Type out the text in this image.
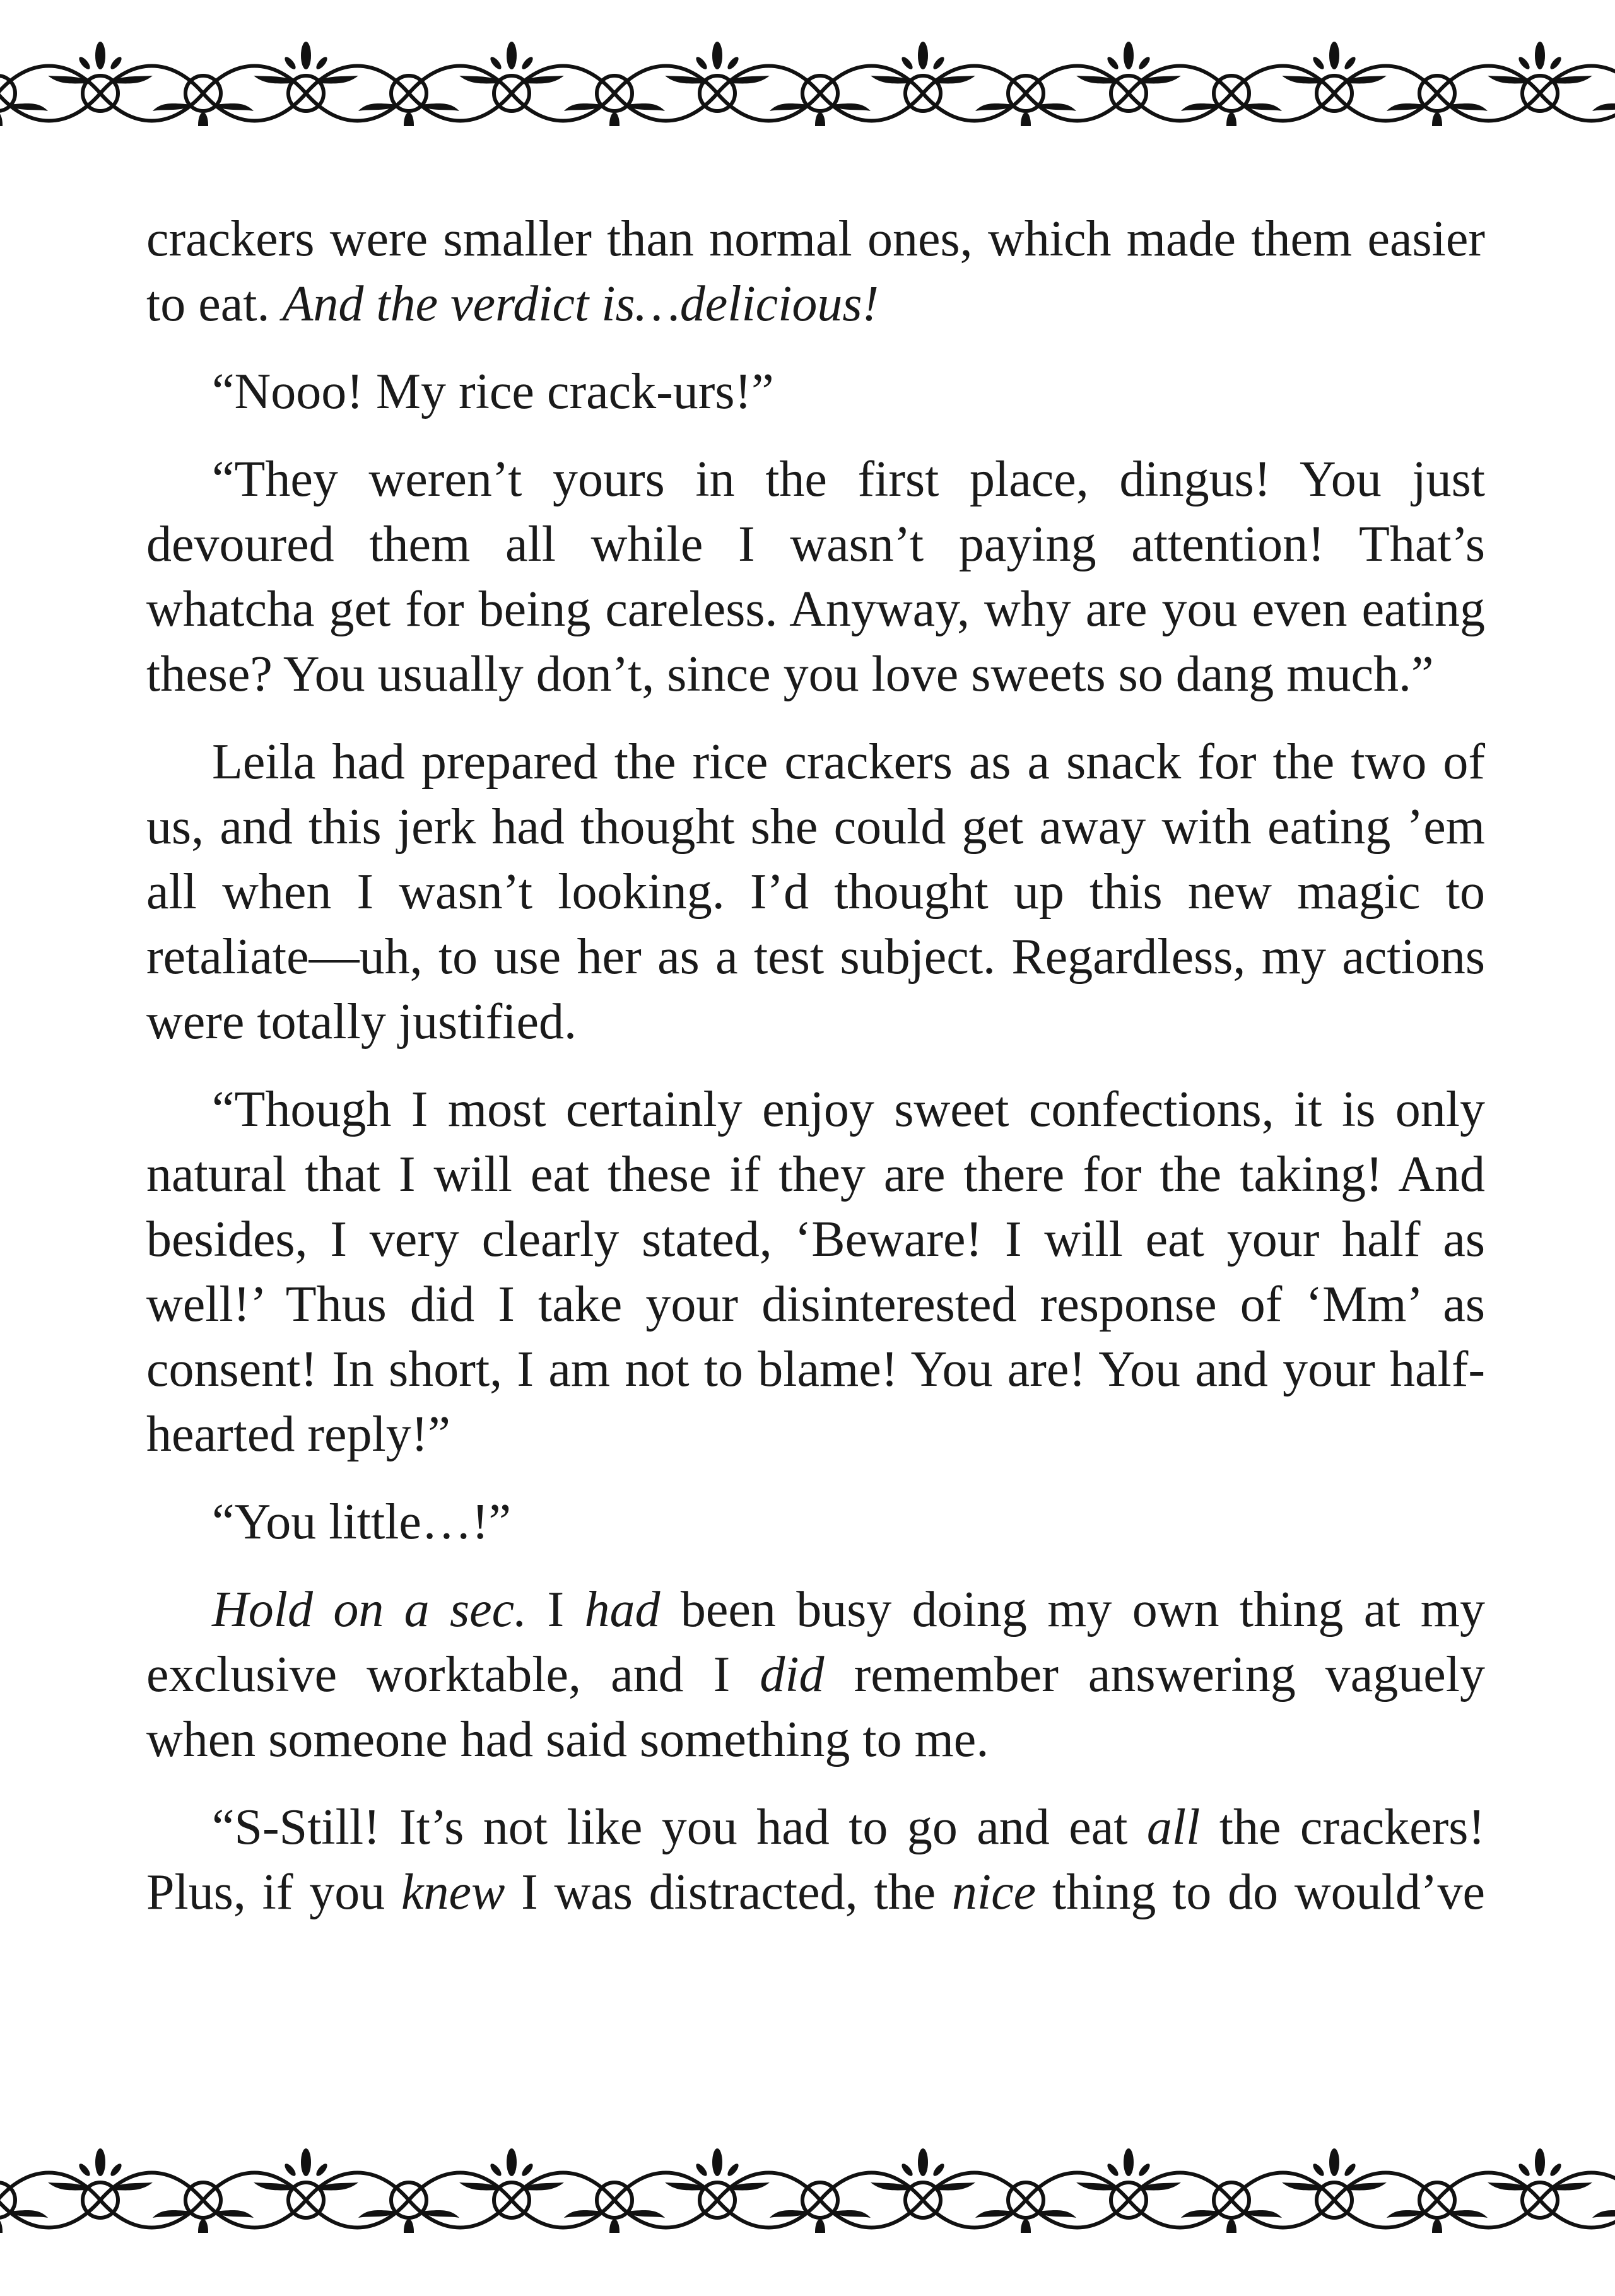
crackers were smaller than normal ones, which made them easier to eat. And the verdict is…delicious!

“Nooo! My rice crack-urs!”

“They weren’t yours in the first place, dingus! You just devoured them all while I wasn’t paying attention! That’s whatcha get for being careless. Anyway, why are you even eating these? You usually don’t, since you love sweets so dang much.”

Leila had prepared the rice crackers as a snack for the two of us, and this jerk had thought she could get away with eating ’em all when I wasn’t looking. I’d thought up this new magic to retaliate—uh, to use her as a test subject. Regardless, my actions were totally justified.

“Though I most certainly enjoy sweet confections, it is only natural that I will eat these if they are there for the taking! And besides, I very clearly stated, ‘Beware! I will eat your half as well!’ Thus did I take your disinterested response of ‘Mm’ as consent! In short, I am not to blame! You are! You and your half-hearted reply!”

“You little…!”

Hold on a sec. I had been busy doing my own thing at my exclusive worktable, and I did remember answering vaguely when someone had said something to me.

“S-Still! It’s not like you had to go and eat all the crackers! Plus, if you knew I was distracted, the nice thing to do would’ve
